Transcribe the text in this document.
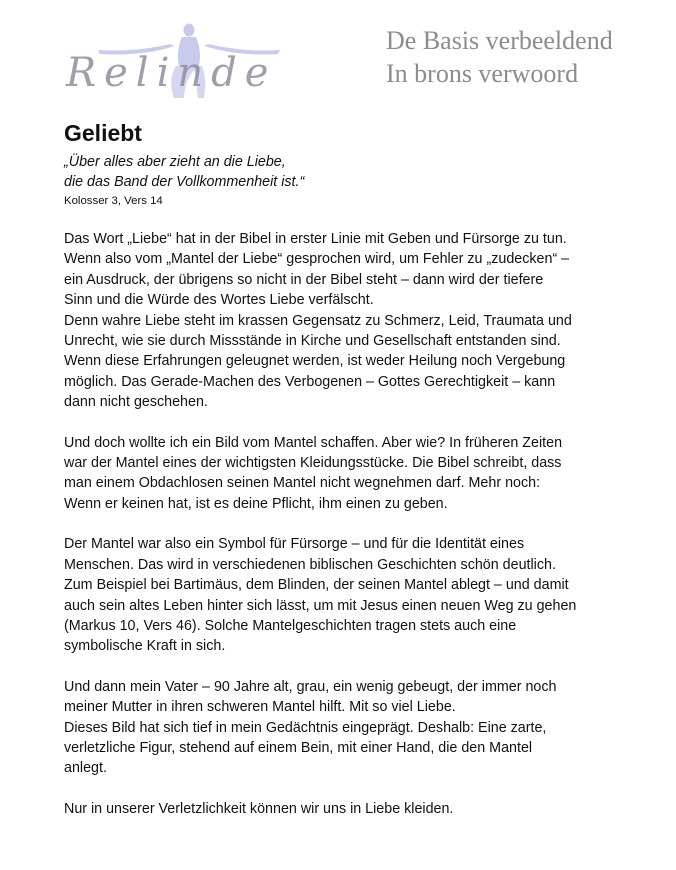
Relinde
De Basis verbeeldend
In brons verwoord
Geliebt
„Über alles aber zieht an die Liebe,
die das Band der Vollkommenheit ist.“
Kolosser 3, Vers 14
Das Wort „Liebe“ hat in der Bibel in erster Linie mit Geben und Fürsorge zu tun.
Wenn also vom „Mantel der Liebe“ gesprochen wird, um Fehler zu „zudecken“ –
ein Ausdruck, der übrigens so nicht in der Bibel steht – dann wird der tiefere
Sinn und die Würde des Wortes Liebe verfälscht.
Denn wahre Liebe steht im krassen Gegensatz zu Schmerz, Leid, Traumata und
Unrecht, wie sie durch Missstände in Kirche und Gesellschaft entstanden sind.
Wenn diese Erfahrungen geleugnet werden, ist weder Heilung noch Vergebung
möglich. Das Gerade-Machen des Verbogenen – Gottes Gerechtigkeit – kann
dann nicht geschehen.
Und doch wollte ich ein Bild vom Mantel schaffen. Aber wie? In früheren Zeiten
war der Mantel eines der wichtigsten Kleidungsstücke. Die Bibel schreibt, dass
man einem Obdachlosen seinen Mantel nicht wegnehmen darf. Mehr noch:
Wenn er keinen hat, ist es deine Pflicht, ihm einen zu geben.
Der Mantel war also ein Symbol für Fürsorge – und für die Identität eines
Menschen. Das wird in verschiedenen biblischen Geschichten schön deutlich.
Zum Beispiel bei Bartimäus, dem Blinden, der seinen Mantel ablegt – und damit
auch sein altes Leben hinter sich lässt, um mit Jesus einen neuen Weg zu gehen
(Markus 10, Vers 46). Solche Mantelgeschichten tragen stets auch eine
symbolische Kraft in sich.
Und dann mein Vater – 90 Jahre alt, grau, ein wenig gebeugt, der immer noch
meiner Mutter in ihren schweren Mantel hilft. Mit so viel Liebe.
Dieses Bild hat sich tief in mein Gedächtnis eingeprägt. Deshalb: Eine zarte,
verletzliche Figur, stehend auf einem Bein, mit einer Hand, die den Mantel
anlegt.
Nur in unserer Verletzlichkeit können wir uns in Liebe kleiden.
